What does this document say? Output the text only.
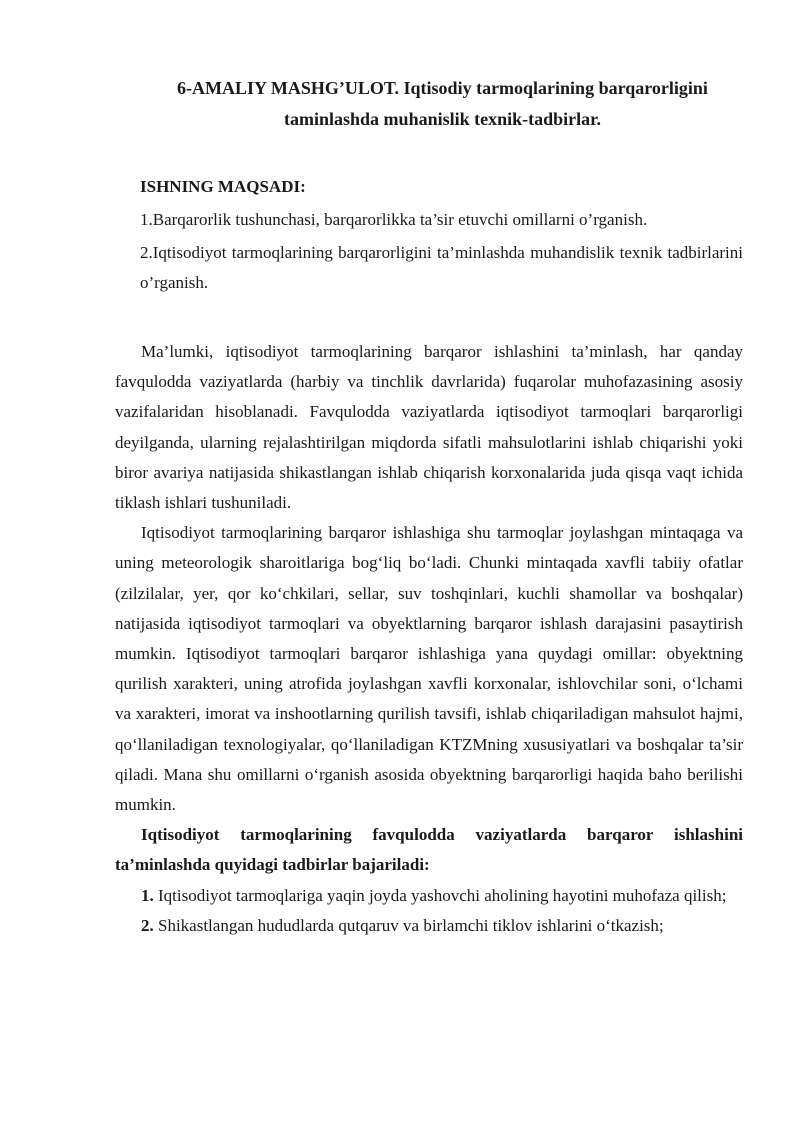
6-AMALIY MASHG’ULOT. Iqtisodiy tarmoqlarining barqarorligini

taminlashda muhanislik texnik-tadbirlar.

ISHNING MAQSADI:

1.Barqarorlik tushunchasi, barqarorlikka ta’sir etuvchi omillarni o’rganish.

2.Iqtisodiyot tarmoqlarining barqarorligini ta’minlashda muhandislik texnik tadbirlarini o’rganish.

Ma’lumki, iqtisodiyot tarmoqlarining barqaror ishlashini ta’minlash, har qanday favqulodda vaziyatlarda (harbiy va tinchlik davrlarida) fuqarolar muhofazasining asosiy vazifalaridan hisoblanadi. Favqulodda vaziyatlarda iqtisodiyot tarmoqlari barqarorligi deyilganda, ularning rejalashtirilgan miqdorda sifatli mahsulotlarini ishlab chiqarishi yoki biror avariya natijasida shikastlangan ishlab chiqarish korxonalarida juda qisqa vaqt ichida tiklash ishlari tushuniladi.

Iqtisodiyot tarmoqlarining barqaror ishlashiga shu tarmoqlar joylashgan mintaqaga va uning meteorologik sharoitlariga bog‘liq bo‘ladi. Chunki mintaqada xavfli tabiiy ofatlar (zilzilalar, yer, qor ko‘chkilari, sellar, suv toshqinlari, kuchli shamollar va boshqalar) natijasida iqtisodiyot tarmoqlari va obyektlarning barqaror ishlash darajasini pasaytirish mumkin. Iqtisodiyot tarmoqlari barqaror ishlashiga yana quydagi omillar: obyektning qurilish xarakteri, uning atrofida joylashgan xavfli korxonalar, ishlovchilar soni, o‘lchami va xarakteri, imorat va inshootlarning qurilish tavsifi, ishlab chiqariladigan mahsulot hajmi, qo‘llaniladigan texnologiyalar, qo‘llaniladigan KTZMning xususiyatlari va boshqalar ta’sir qiladi. Mana shu omillarni o‘rganish asosida obyektning barqarorligi haqida baho berilishi mumkin.

Iqtisodiyot tarmoqlarining favqulodda vaziyatlarda barqaror ishlashini ta’minlashda quyidagi tadbirlar bajariladi:

1. Iqtisodiyot tarmoqlariga yaqin joyda yashovchi aholining hayotini muhofaza qilish;

2. Shikastlangan hududlarda qutqaruv va birlamchi tiklov ishlarini o‘tkazish;
